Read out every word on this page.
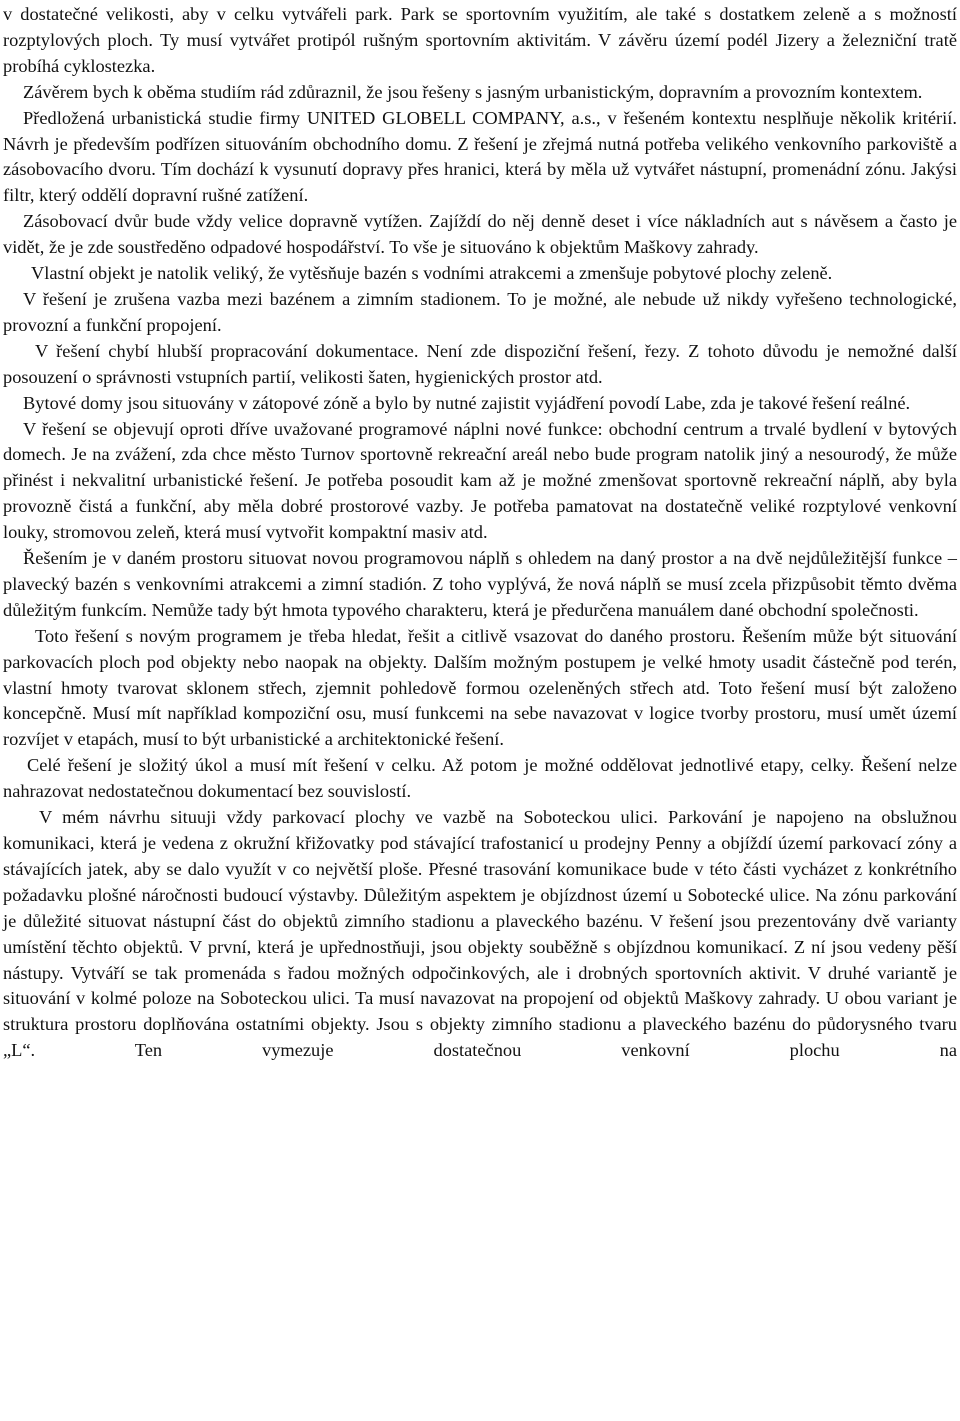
v dostatečné velikosti, aby v celku vytvářeli park. Park se sportovním využitím, ale také s dostatkem zeleně a s možností rozptylových ploch. Ty musí vytvářet protipól rušným sportovním aktivitám. V závěru území podél Jizery a železniční tratě probíhá cyklostezka.

Závěrem bych k oběma studiím rád zdůraznil, že jsou řešeny s jasným urbanistickým, dopravním a provozním kontextem.

Předložená urbanistická studie firmy UNITED GLOBELL COMPANY, a.s., v řešeném kontextu nesplňuje několik kritérií. Návrh je především podřízen situováním obchodního domu. Z řešení je zřejmá nutná potřeba velikého venkovního parkoviště a zásobovacího dvoru. Tím dochází k vysunutí dopravy přes hranici, která by měla už vytvářet nástupní, promenádní zónu. Jakýsi filtr, který oddělí dopravní rušné zatížení.

Zásobovací dvůr bude vždy velice dopravně vytížen. Zajíždí do něj denně deset i více nákladních aut s návěsem a často je vidět, že je zde soustředěno odpadové hospodářství. To vše je situováno k objektům Maškovy zahrady.

Vlastní objekt je natolik veliký, že vytěsňuje bazén s vodními atrakcemi a zmenšuje pobytové plochy zeleně.

V řešení je zrušena vazba mezi bazénem a zimním stadionem. To je možné, ale nebude už nikdy vyřešeno technologické, provozní a funkční propojení.

V řešení chybí hlubší propracování dokumentace. Není zde dispoziční řešení, řezy. Z tohoto důvodu je nemožné další posouzení o správnosti vstupních partií, velikosti šaten, hygienických prostor atd.

Bytové domy jsou situovány v zátopové zóně a bylo by nutné zajistit vyjádření povodí Labe, zda je takové řešení reálné.

V řešení se objevují oproti dříve uvažované programové náplni nové funkce: obchodní centrum a trvalé bydlení v bytových domech. Je na zvážení, zda chce město Turnov sportovně rekreační areál nebo bude program natolik jiný a nesourodý, že může přinést i nekvalitní urbanistické řešení. Je potřeba posoudit kam až je možné zmenšovat sportovně rekreační náplň, aby byla provozně čistá a funkční, aby měla dobré prostorové vazby. Je potřeba pamatovat na dostatečně veliké rozptylové venkovní louky, stromovou zeleň, která musí vytvořit kompaktní masiv atd.

Řešením je v daném prostoru situovat novou programovou náplň s ohledem na daný prostor a na dvě nejdůležitější funkce – plavecký bazén s venkovními atrakcemi a zimní stadión. Z toho vyplývá, že nová náplň se musí zcela přizpůsobit těmto dvěma důležitým funkcím. Nemůže tady být hmota typového charakteru, která je předurčena manuálem dané obchodní společnosti.

Toto řešení s novým programem je třeba hledat, řešit a citlivě vsazovat do daného prostoru. Řešením může být situování parkovacích ploch pod objekty nebo naopak na objekty. Dalším možným postupem je velké hmoty usadit částečně pod terén, vlastní hmoty tvarovat sklonem střech, zjemnit pohledově formou ozeleněných střech atd. Toto řešení musí být založeno koncepčně. Musí mít například kompoziční osu, musí funkcemi na sebe navazovat v logice tvorby prostoru, musí umět území rozvíjet v etapách, musí to být urbanistické a architektonické řešení.

Celé řešení je složitý úkol a musí mít řešení v celku. Až potom je možné oddělovat jednotlivé etapy, celky. Řešení nelze nahrazovat nedostatečnou dokumentací bez souvislostí.

V mém návrhu situuji vždy parkovací plochy ve vazbě na Soboteckou ulici. Parkování je napojeno na obslužnou komunikaci, která je vedena z okružní křižovatky pod stávající trafostanicí u prodejny Penny a objíždí území parkovací zóny a stávajících jatek, aby se dalo využít v co největší ploše. Přesné trasování komunikace bude v této části vycházet z konkrétního požadavku plošné náročnosti budoucí výstavby. Důležitým aspektem je objízdnost území u Sobotecké ulice. Na zónu parkování je důležité situovat nástupní část do objektů zimního stadionu a plaveckého bazénu. V řešení jsou prezentovány dvě varianty umístění těchto objektů. V první, která je upřednostňuji, jsou objekty souběžně s objízdnou komunikací. Z ní jsou vedeny pěší nástupy. Vytváří se tak promenáda s řadou možných odpočinkových, ale i drobných sportovních aktivit. V druhé variantě je situování v kolmé poloze na Soboteckou ulici. Ta musí navazovat na propojení od objektů Maškovy zahrady. U obou variant je struktura prostoru doplňována ostatními objekty. Jsou s objekty zimního stadionu a plaveckého bazénu do půdorysného tvaru „L“. Ten vymezuje dostatečnou venkovní plochu na
